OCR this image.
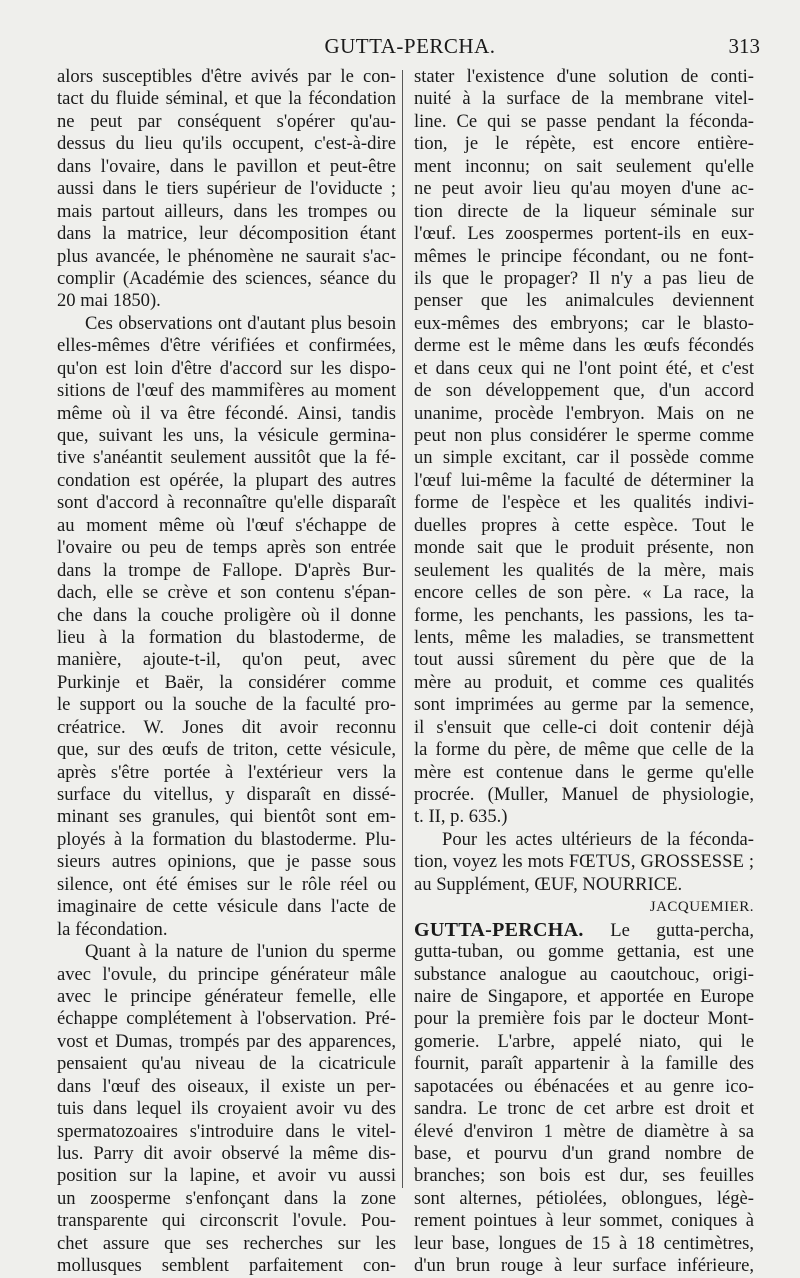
GUTTA-PERCHA.	313
alors susceptibles d'être avivés par le con-
tact du fluide séminal, et que la fécondation
ne peut par conséquent s'opérer qu'au-
dessus du lieu qu'ils occupent, c'est-à-dire
dans l'ovaire, dans le pavillon et peut-être
aussi dans le tiers supérieur de l'oviducte ;
mais partout ailleurs, dans les trompes ou
dans la matrice, leur décomposition étant
plus avancée, le phénomène ne saurait s'ac-
complir (Académie des sciences, séance du
20 mai 1850).
Ces observations ont d'autant plus besoin
elles-mêmes d'être vérifiées et confirmées,
qu'on est loin d'être d'accord sur les dispo-
sitions de l'œuf des mammifères au moment
même où il va être fécondé. Ainsi, tandis
que, suivant les uns, la vésicule germina-
tive s'anéantit seulement aussitôt que la fé-
condation est opérée, la plupart des autres
sont d'accord à reconnaître qu'elle disparaît
au moment même où l'œuf s'échappe de
l'ovaire ou peu de temps après son entrée
dans la trompe de Fallope. D'après Bur-
dach, elle se crève et son contenu s'épan-
che dans la couche proligère où il donne
lieu à la formation du blastoderme, de
manière, ajoute-t-il, qu'on peut, avec
Purkinje et Baër, la considérer comme
le support ou la souche de la faculté pro-
créatrice. W. Jones dit avoir reconnu
que, sur des œufs de triton, cette vésicule,
après s'être portée à l'extérieur vers la
surface du vitellus, y disparaît en dissé-
minant ses granules, qui bientôt sont em-
ployés à la formation du blastoderme. Plu-
sieurs autres opinions, que je passe sous
silence, ont été émises sur le rôle réel ou
imaginaire de cette vésicule dans l'acte de
la fécondation.
Quant à la nature de l'union du sperme
avec l'ovule, du principe générateur mâle
avec le principe générateur femelle, elle
échappe complétement à l'observation. Pré-
vost et Dumas, trompés par des apparences,
pensaient qu'au niveau de la cicatricule
dans l'œuf des oiseaux, il existe un per-
tuis dans lequel ils croyaient avoir vu des
spermatozoaires s'introduire dans le vitel-
lus. Parry dit avoir observé la même dis-
position sur la lapine, et avoir vu aussi
un zoosperme s'enfonçant dans la zone
transparente qui circonscrit l'ovule. Pou-
chet assure que ses recherches sur les
mollusques semblent parfaitement con-
stater l'existence d'une solution de conti-
nuité à la surface de la membrane vitel-
line. Ce qui se passe pendant la féconda-
tion, je le répète, est encore entière-
ment inconnu; on sait seulement qu'elle
ne peut avoir lieu qu'au moyen d'une ac-
tion directe de la liqueur séminale sur
l'œuf. Les zoospermes portent-ils en eux-
mêmes le principe fécondant, ou ne font-
ils que le propager? Il n'y a pas lieu de
penser que les animalcules deviennent
eux-mêmes des embryons; car le blasto-
derme est le même dans les œufs fécondés
et dans ceux qui ne l'ont point été, et c'est
de son développement que, d'un accord
unanime, procède l'embryon. Mais on ne
peut non plus considérer le sperme comme
un simple excitant, car il possède comme
l'œuf lui-même la faculté de déterminer la
forme de l'espèce et les qualités indivi-
duelles propres à cette espèce. Tout le
monde sait que le produit présente, non
seulement les qualités de la mère, mais
encore celles de son père. « La race, la
forme, les penchants, les passions, les ta-
lents, même les maladies, se transmettent
tout aussi sûrement du père que de la
mère au produit, et comme ces qualités
sont imprimées au germe par la semence,
il s'ensuit que celle-ci doit contenir déjà
la forme du père, de même que celle de la
mère est contenue dans le germe qu'elle
procrée. (Muller, Manuel de physiologie,
t. II, p. 635.)
Pour les actes ultérieurs de la féconda-
tion, voyez les mots FŒTUS, GROSSESSE ;
au Supplément, ŒUF, NOURRICE.
JACQUEMIER.
GUTTA-PERCHA. Le gutta-percha,
gutta-tuban, ou gomme gettania, est une
substance analogue au caoutchouc, origi-
naire de Singapore, et apportée en Europe
pour la première fois par le docteur Mont-
gomerie. L'arbre, appelé niato, qui le
fournit, paraît appartenir à la famille des
sapotacées ou ébénacées et au genre ico-
sandra. Le tronc de cet arbre est droit et
élevé d'environ 1 mètre de diamètre à sa
base, et pourvu d'un grand nombre de
branches; son bois est dur, ses feuilles
sont alternes, pétiolées, oblongues, légè-
rement pointues à leur sommet, coniques à
leur base, longues de 15 à 18 centimètres,
d'un brun rouge à leur surface inférieure,
